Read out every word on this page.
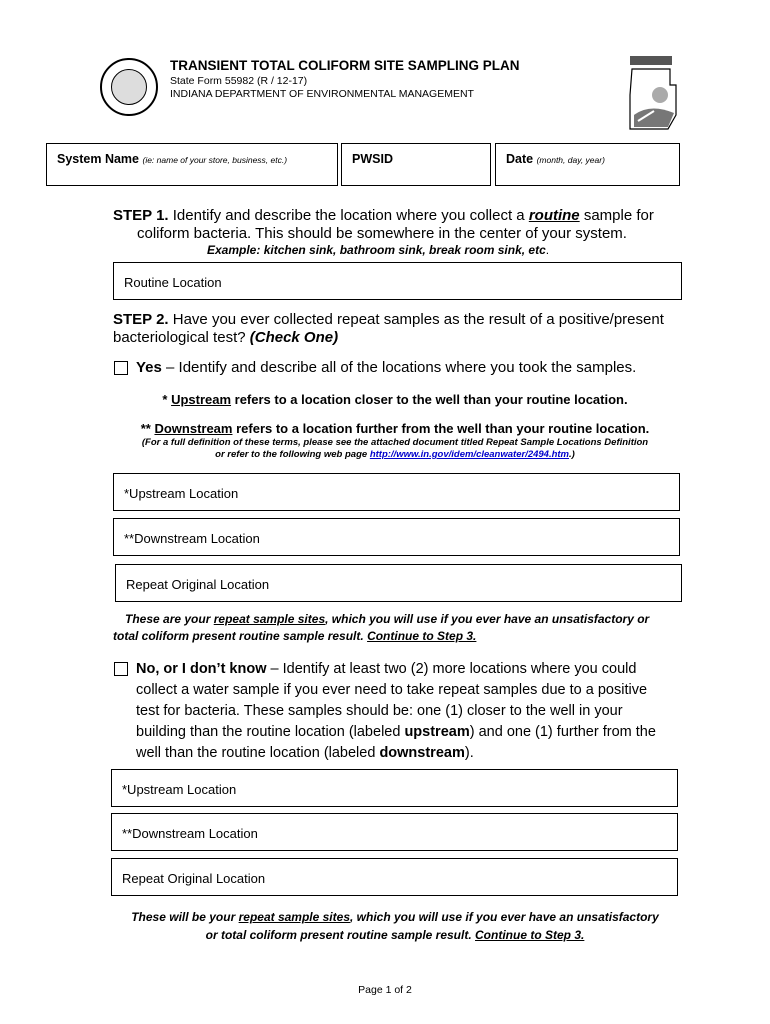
TRANSIENT TOTAL COLIFORM SITE SAMPLING PLAN
State Form 55982 (R / 12-17)
INDIANA DEPARTMENT OF ENVIRONMENTAL MANAGEMENT
System Name (ie: name of your store, business, etc.)	PWSID	Date (month, day, year)
STEP 1. Identify and describe the location where you collect a routine sample for
coliform bacteria. This should be somewhere in the center of your system.
Example: kitchen sink, bathroom sink, break room sink, etc.
Routine Location
STEP 2. Have you ever collected repeat samples as the result of a positive/present
bacteriological test? (Check One)
Yes – Identify and describe all of the locations where you took the samples.
* Upstream refers to a location closer to the well than your routine location.
** Downstream refers to a location further from the well than your routine location.
(For a full definition of these terms, please see the attached document titled Repeat Sample Locations Definition
or refer to the following web page http://www.in.gov/idem/cleanwater/2494.htm.)
*Upstream Location
**Downstream Location
Repeat Original Location
These are your repeat sample sites, which you will use if you ever have an unsatisfactory or
total coliform present routine sample result. Continue to Step 3.
No, or I don’t know – Identify at least two (2) more locations where you could
collect a water sample if you ever need to take repeat samples due to a positive
test for bacteria. These samples should be: one (1) closer to the well in your
building than the routine location (labeled upstream) and one (1) further from the
well than the routine location (labeled downstream).
*Upstream Location
**Downstream Location
Repeat Original Location
These will be your repeat sample sites, which you will use if you ever have an unsatisfactory
or total coliform present routine sample result. Continue to Step 3.
Page 1 of 2
